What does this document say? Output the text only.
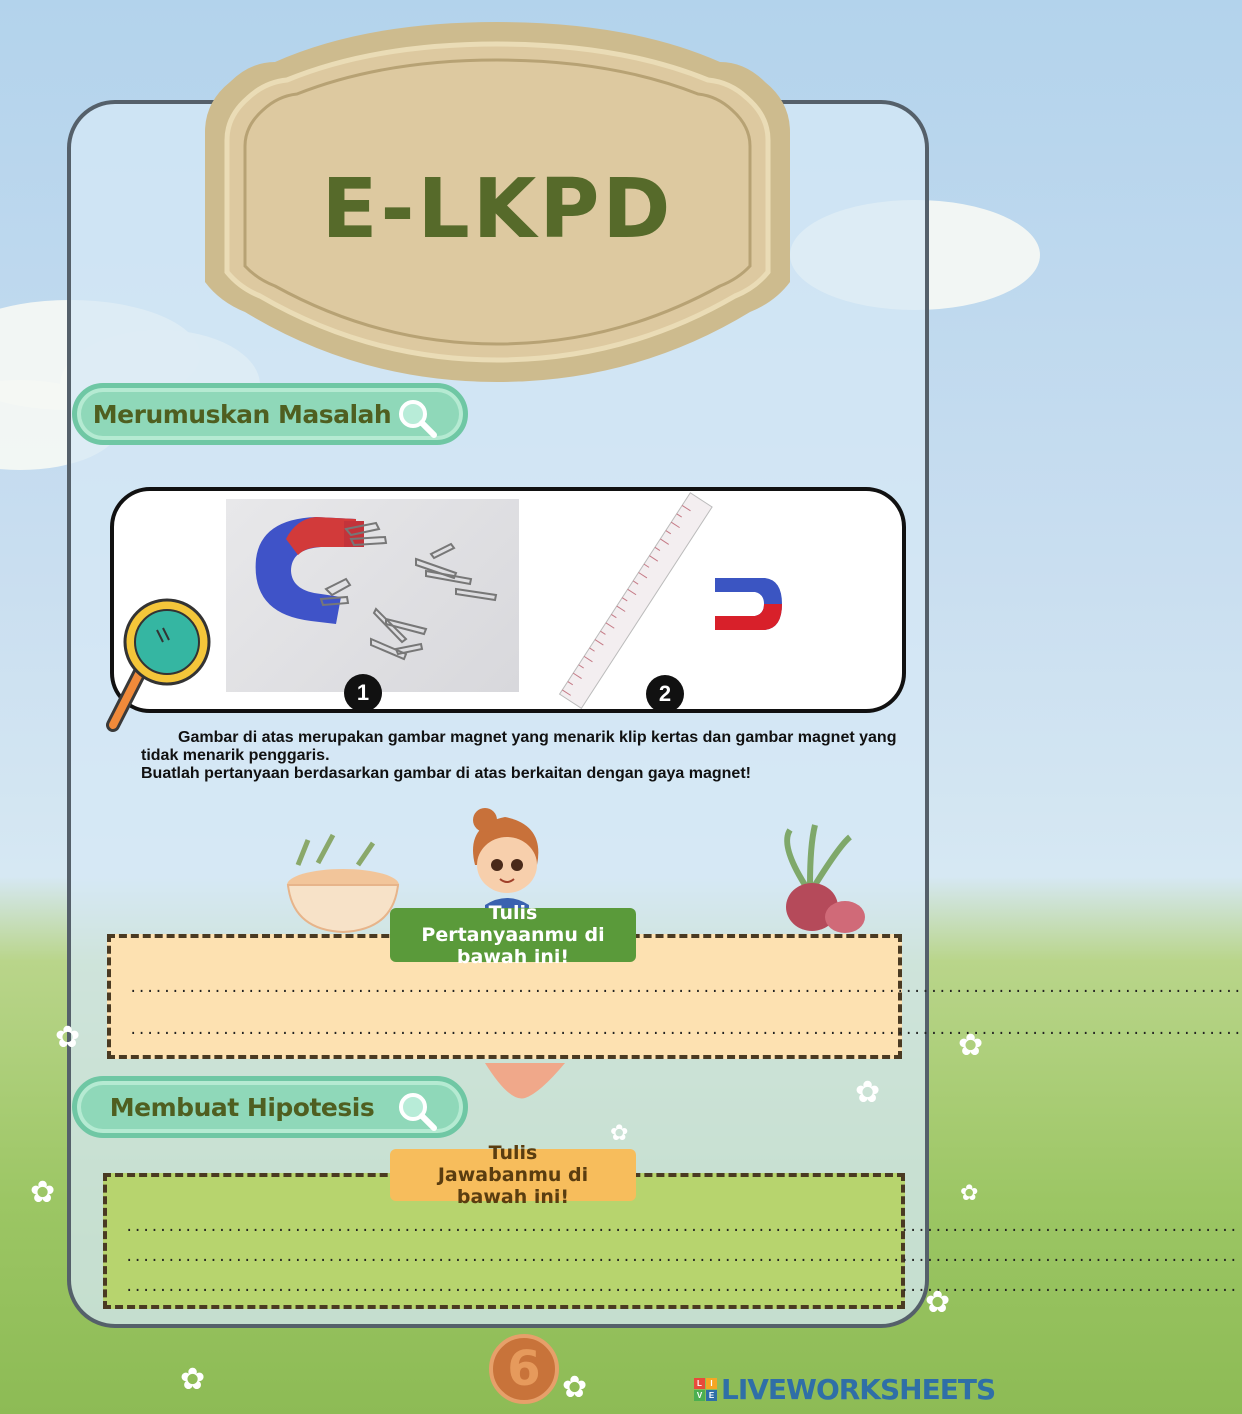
E-LKPD
Merumuskan Masalah
1	2

Gambar di atas merupakan gambar magnet yang menarik klip kertas dan gambar magnet yang tidak menarik penggaris.

Buatlah pertanyaan berdasarkan gambar di atas berkaitan dengan gaya magnet!

....................................................................................................................................
....................................................................................................................................
Tulis Pertanyaanmu di bawah ini!
Membuat Hipotesis
....................................................................................................................................
....................................................................................................................................
....................................................................................................................................
Tulis Jawabanmu di bawah ini!
✿
✿
✿
✿
✿
✿	✿
✿
✿
6	L	I
V E LIVEWORKSHEETS
